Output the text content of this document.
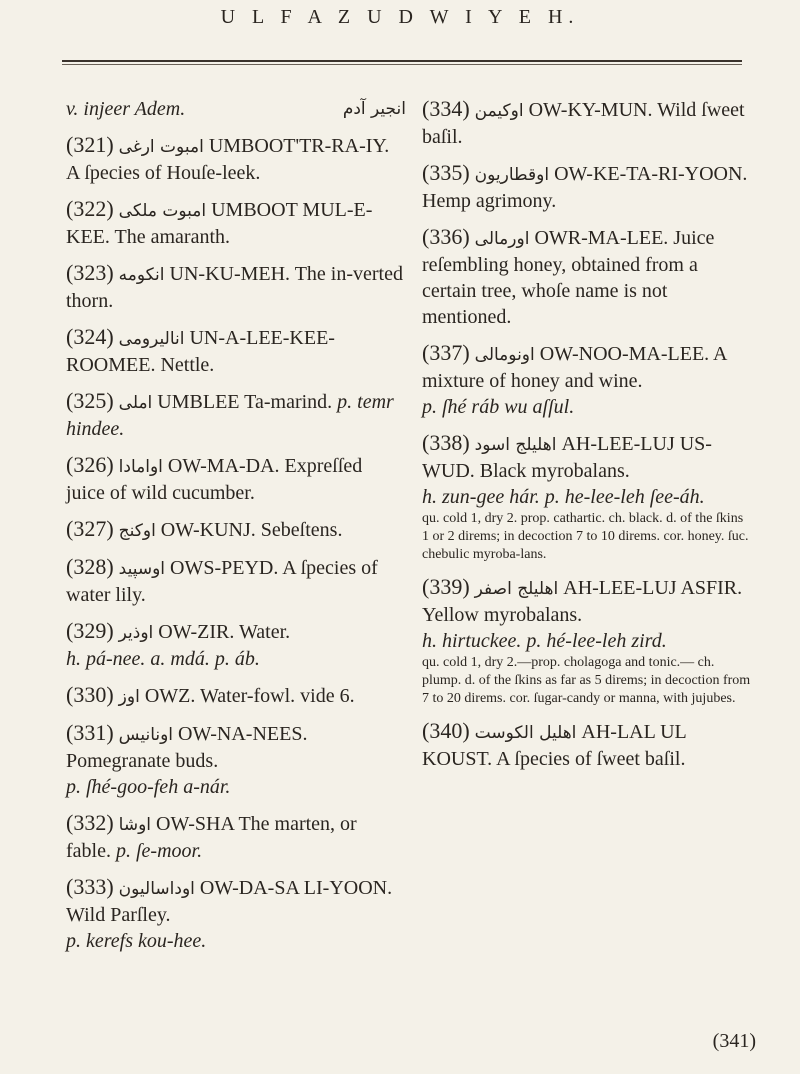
U L F A Z U D W I Y E H.
v. injeer Adem.	انجیر آدم
(321) امبوت ارغی UMBOOT'TR-RA-IY. A ſpecies of Houſe-leek.
(322) امبوت ملکی UMBOOT MUL-E-KEE. The amaranth.
(323) انکومه UN-KU-MEH. The in-verted thorn.
(324) انالیرومی UN-A-LEE-KEE-ROOMEE. Nettle.
(325) املی UMBLEE Ta-marind. p. temr hindee.
(326) اوامادا OW-MA-DA. Expreſſed juice of wild cucumber.
(327) اوکنج OW-KUNJ. Sebeſtens.
(328) اوسپید OWS-PEYD. A ſpecies of water lily.
(329) اوذیر OW-ZIR. Water.
h. pá-nee. a. mdá. p. áb.
(330) اوز OWZ. Water-fowl. vide 6.
(331) اونانیس OW-NA-NEES. Pomegranate buds.
p. ſhé-goo-feh a-nár.
(332) اوشا OW-SHA The marten, or fable. p. ſe-moor.
(333) اوداسالیون OW-DA-SA LI-YOON. Wild Parſley.
p. kerefs kou-hee.
(334) اوکیمن OW-KY-MUN. Wild ſweet baſil.
(335) اوقطاریون OW-KE-TA-RI-YOON. Hemp agrimony.
(336) اورمالی OWR-MA-LEE. Juice reſembling honey, obtained from a certain tree, whoſe name is not mentioned.
(337) اونومالی OW-NOO-MA-LEE. A mixture of honey and wine.
p. ſhé ráb wu aſſul.
(338) اهلیلج اسود AH-LEE-LUJ US-WUD. Black myrobalans.
h. zun-gee hár. p. he-lee-leh ſee-áh.
qu. cold 1, dry 2. prop. cathartic. ch. black. d. of the ſkins 1 or 2 direms; in decoction 7 to 10 direms. cor. honey. ſuc. chebulic myroba-lans.
(339) اهلیلج اصفر AH-LEE-LUJ ASFIR. Yellow myrobalans.
h. hirtuckee. p. hé-lee-leh zird.
qu. cold 1, dry 2.—prop. cholagoga and tonic.— ch. plump. d. of the ſkins as far as 5 direms; in decoction from 7 to 20 direms. cor. ſugar-candy or manna, with jujubes.
(340) اهلیل الکوست AH-LAL UL KOUST. A ſpecies of ſweet baſil.
(341)
